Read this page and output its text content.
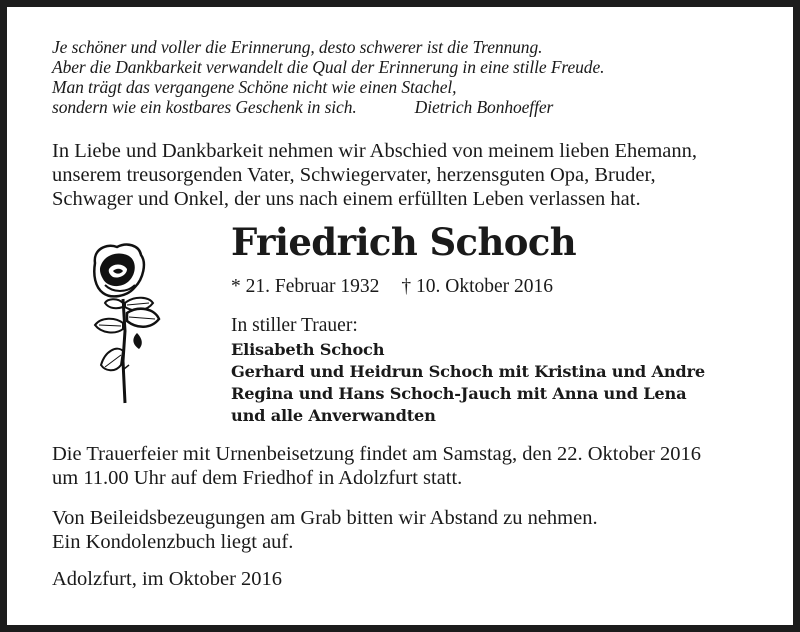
Je schöner und voller die Erinnerung, desto schwerer ist die Trennung.
Aber die Dankbarkeit verwandelt die Qual der Erinnerung in eine stille Freude.
Man trägt das vergangene Schöne nicht wie einen Stachel,
sondern wie ein kostbares Geschenk in sich.	Dietrich Bonhoeffer
In Liebe und Dankbarkeit nehmen wir Abschied von meinem lieben Ehemann,
unserem treusorgenden Vater, Schwiegervater, herzensguten Opa, Bruder,
Schwager und Onkel, der uns nach einem erfüllten Leben verlassen hat.
Friedrich Schoch
* 21. Februar 1932 † 10. Oktober 2016
In stiller Trauer:
Elisabeth Schoch
Gerhard und Heidrun Schoch mit Kristina und Andre
Regina und Hans Schoch-Jauch mit Anna und Lena
und alle Anverwandten
Die Trauerfeier mit Urnenbeisetzung findet am Samstag, den 22. Oktober 2016
um 11.00 Uhr auf dem Friedhof in Adolzfurt statt.
Von Beileidsbezeugungen am Grab bitten wir Abstand zu nehmen.
Ein Kondolenzbuch liegt auf.
Adolzfurt, im Oktober 2016
